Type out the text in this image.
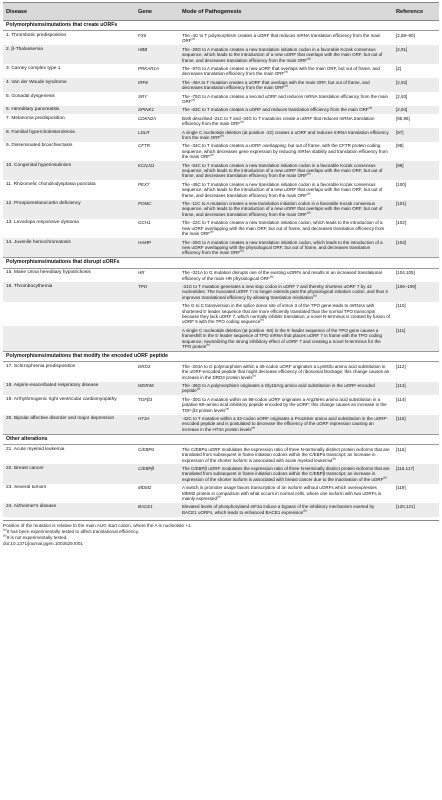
Disease	Gene	Mode of Pathogenesis	Reference
Polymorphisms/mutations that create uORFs			
1. Thrombotic predisposition	FXII	The -4C to T polymorphism creates a uORF that reduces mRNA translation efficiency from the main ORF$^{(a)}$	[2,88–90]
2. β-Thalassemia	HBB	The -29G to A mutation creates a new translation initiation codon in a favorable Kozak consensus sequence, which leads to the introduction of a new uORF that overlaps with the main ORF, but out of frame, and decreases translation efficiency from the main ORF$^{(a)}$	[2,91]
3. Carney complex type 1	PRKAR1A	The -97G to A mutation creates a new uORF that overlaps with the main ORF, but out of frame, and decreases translation efficiency from the main ORF$^{(a)}$	[2]
4. Van der Woude syndrome	IRF6	The -48A to T mutation creates a uORF that overlaps with the main ORF, but out of frame, and decreases translation efficiency from the main ORF$^{(a)}$	[2,92]
5. Gonadal dysgenesis	SRY	The -75G to A mutation creates a second uORF and reduces mRNA translation efficiency from the main ORF$^{(a)}$	[2,93]
6. Hereditary pancreatitis	SPINK1	The -53C to T mutation creates a uORF and reduces translation efficiency from the main ORF$^{(a)}$	[2,94]
7. Melanoma predisposition	CDKN2A	Both described -21C to T and -34G to T mutations create a uORF that reduces mRNA translation efficiency from the main ORF$^{(a)}$	[95,96]
8. Familial hypercholesterolemia	LDLR	A single C nucleotide deletion (at position -22) creates a uORF and reduces mRNA translation efficiency from the main ORF$^{(b)}$	[97]
9. Disseminated bronchiectasis	CFTR	The -34C to T mutation creates a uORF overlapping, but out of frame, with the CFTR protein coding sequence, which decreases gene expression by reducing mRNA stability and translation efficiency from the main ORF$^{(a)}$	[98]
10. Congenital hyperinsulinism	KCNJ11	The -54C to T mutation creates a new translation initiation codon in a favorable Kozak consensus sequence, which leads to the introduction of a new uORF that overlaps with the main ORF, but out of frame, and decreases translation efficiency from the main ORF$^{(b)}$	[99]
11. Rhizomelic chondrodysplasia punctata	PEX7	The -45C to T mutation creates a new translation initiation codon in a favorable Kozak consensus sequence, which leads to the introduction of a new uORF that overlaps with the main ORF, but out of frame, and decreases translation efficiency from the main ORF$^{(b)}$	[100]
12. Proopiomelanocortin deficiency	POMC	The -11C to A mutation creates a new translation initiation codon in a favorable Kozak consensus sequence, which leads to the introduction of a new uORF that overlaps with the main ORF, but out of frame, and decreases translation efficiency from the main ORF$^{(b)}$	[101]
13. Levodopa responsive dystonia	GCH1	The -22C to T mutation creates a new translation initiation codon, which leads to the introduction of a new uORF overlapping with the main ORF, but out of frame, and decreases translation efficiency from the main ORF$^{(b)}$	[102]
14. Juvenile hemochromatosis	HAMP	The -25G to A mutation creates a new translation initiation codon, which leads to the introduction of a new uORF overlapping with the physiological ORF, but out of frame, and decreases translation efficiency from the main ORF$^{(b)}$	[103]
Polymorphisms/mutations that disrupt uORFs			
15. Marie Unna hereditary hypotrichosis	HR	The -321A to G mutation disrupts one of the existing uORFs and results in an increased translational efficiency of the main HR physiological ORF$^{(b)}$	[104,105]
16. Thrombocythemia	TPO	-31G to T mutation generates a new stop codon in uORF 7 and thereby shortens uORF 7 by 42 nucleotides. The truncated uORF 7 no longer extends past the physiological initiation codon, and thus it improves translational efficiency by allowing translation reinitiation$^{(b)}$	[106–109]
		The G to C transversion in the splice donor site of intron 3 of the TPO gene leads to mRNAs with shortened 5′ leader sequence that are more efficiently translated than the normal TPO transcripts because they lack uORF 7, which normally inhibits translation; a novel N-terminus is created by fusion of uORF 5 with the TPO coding sequence$^{(b)}$	[110]
		A single C nucleotide deletion (at position -50) in the 5′ leader sequence of the TPO gene causes a frameshift in the 5′ leader sequence of TPO mRNA that places uORF 7 in frame with the TPO coding sequence, neutralizing the strong inhibitory effect of uORF 7 and creating a novel N-terminus for the TPO protein$^{(b)}$	[111]
Polymorphisms/mutations that modify the encoded uORF peptide			
17. Schizophrenia predisposition	DRD3	The -204A to G polymorphism within a 36-codon uORF originates a Lys9Glu amino acid substitution in the uORF-encoded peptide that might decrease efficiency of ribosomal blockage; this change causes an increase in the DRD3 protein levels$^{(b)}$	[112]
18. Aspirin-exacerbated respiratory disease	WDR46	The -36G to A polymorphism originates a Gly18Arg amino acid substitution in the uORF-encoded peptide$^{(b)}$	[113]
19. Arrhythmogenic right ventricular cardiomyopathy	TGFβ3	The -30G to A mutation within an 88-codon uORF originates a Arg26His amino acid substitution in a putative 88–amino acid inhibitory peptide encoded by the uORF; this change causes an increase in the TGF-β3 protein levels$^{(a)}$	[114]
20. Bipolar affective disorder and major depression	HT3A	-42C to T mutation within a 32-codon uORF originates a Pro16Ser amino acid substitution in the uORF-encoded peptide and is postulated to decrease the efficiency of the uORF repression causing an increase in the HT3A protein levels$^{(a)}$	[115]
Other alterations			
21. Acute myeloid leukemia	C/EBPα	The C/EBPα uORF modulates the expression ratio of three N-terminally distinct protein isoforms that are translated from subsequent in frame initiation codons within the C/EBPα transcript; an increase in expression of the shorter isoform is associated with acute myeloid leukemia$^{(b)}$	[116]
22. Breast cancer	C/EBPβ	The C/EBPβ uORF modulates the expression ratio of three N-terminally distinct protein isoforms that are translated from subsequent in frame initiation codons within the C/EBPβ transcript; an increase in expression of the shorter isoform is associated with breast cancer due to the inactivation of the uORF$^{(b)}$	[116,117]
23. Several tumors	MDM2	A switch in promoter usage favors transcription of an isoform without uORFs which overexpresses MDM2 protein in comparison with what occurs in normal cells, where one isoform with two uORFs is mainly expressed$^{(b)}$	[119]
24. Alzheimer's disease	BACE1	Elevated levels of phosphorylated eIF2α induce a bypass of the inhibitory mechanism exerted by BACE1 uORFs, which leads to enhanced BACE1 expression$^{(b)}$	[120,121]
Position of the mutation is relative to the main AUG start codon, where the A is nucleotide +1.
$^{(a)}$It has been experimentally tested to affect translational efficiency.
$^{(b)}$It is not experimentally tested.
doi:10.1371/journal.pgen.1003529.t001
